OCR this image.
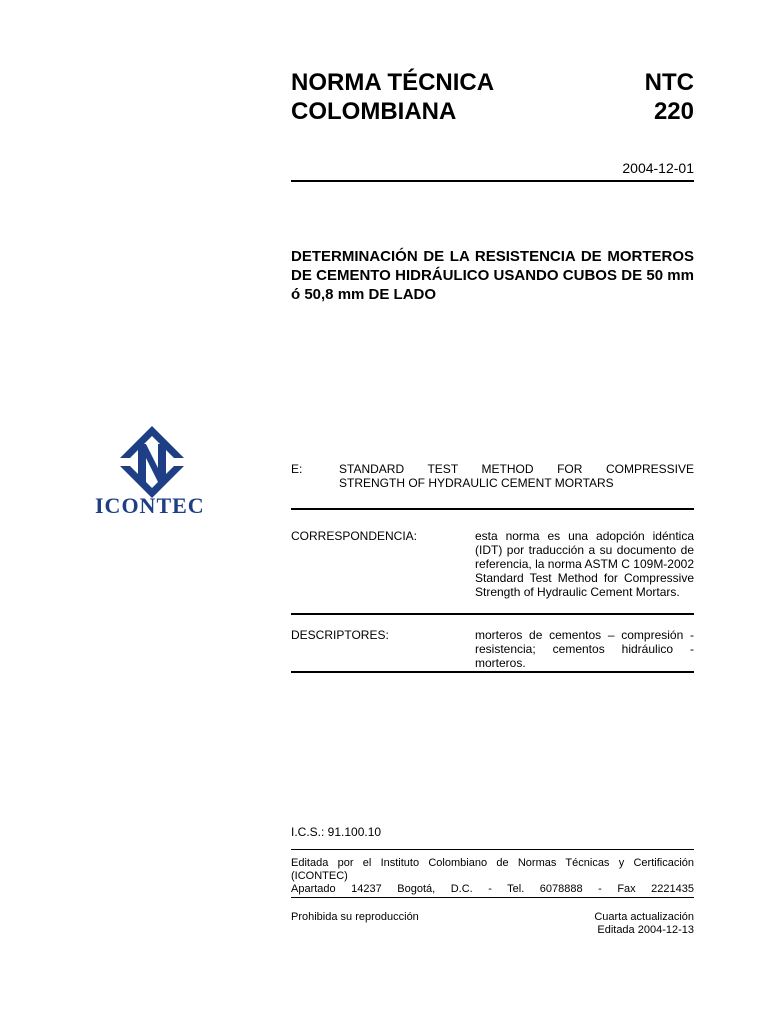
NORMA TÉCNICA
COLOMBIANA
NTC
220
2004-12-01
DETERMINACIÓN DE LA RESISTENCIA DE MORTEROS DE CEMENTO HIDRÁULICO USANDO CUBOS DE 50 mm ó 50,8 mm DE LADO
ICONTEC
E:	STANDARD TEST METHOD FOR COMPRESSIVE
STRENGTH OF HYDRAULIC CEMENT MORTARS
CORRESPONDENCIA:	esta norma es una adopción idéntica (IDT) por traducción a su documento de referencia, la norma ASTM C 109M-2002 Standard Test Method for Compressive Strength of Hydraulic Cement Mortars.
DESCRIPTORES:	morteros de cementos – compresión - resistencia; cementos hidráulico - morteros.
I.C.S.: 91.100.10
Editada por el Instituto Colombiano de Normas Técnicas y Certificación (ICONTEC)
Apartado 14237 Bogotá, D.C. - Tel. 6078888 - Fax 2221435
Prohibida su reproducción	Cuarta actualización
Editada 2004-12-13
